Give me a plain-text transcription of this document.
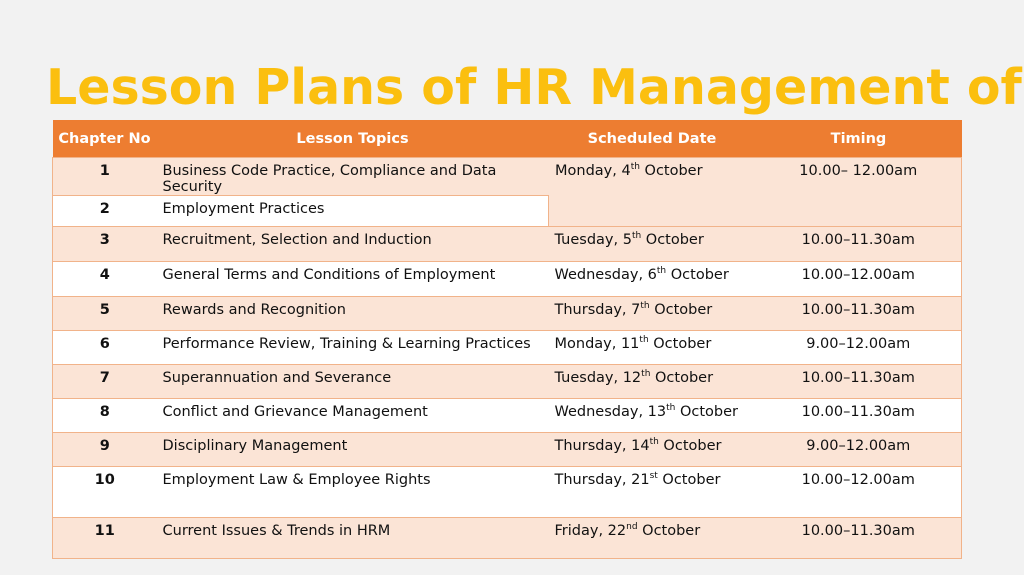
Lesson Plans of HR Management of
Chapter No	Lesson Topics	Scheduled Date	Timing
1	Business Code Practice, Compliance and Data Security	Monday, 4th October	10.00– 12.00am
2	Employment Practices		
3	Recruitment, Selection and Induction	Tuesday, 5th October	10.00–11.30am
4	General Terms and Conditions of Employment	Wednesday, 6th October	10.00–12.00am
5	Rewards and Recognition	Thursday, 7th October	10.00–11.30am
6	Performance Review, Training & Learning Practices	Monday, 11th October	9.00–12.00am
7	Superannuation and Severance	Tuesday, 12th October	10.00–11.30am
8	Conflict and Grievance Management	Wednesday, 13th October	10.00–11.30am
9	Disciplinary Management	Thursday, 14th October	9.00–12.00am
10	Employment Law & Employee Rights	Thursday, 21st October	10.00–12.00am
11	Current Issues & Trends in HRM	Friday, 22nd October	10.00–11.30am
